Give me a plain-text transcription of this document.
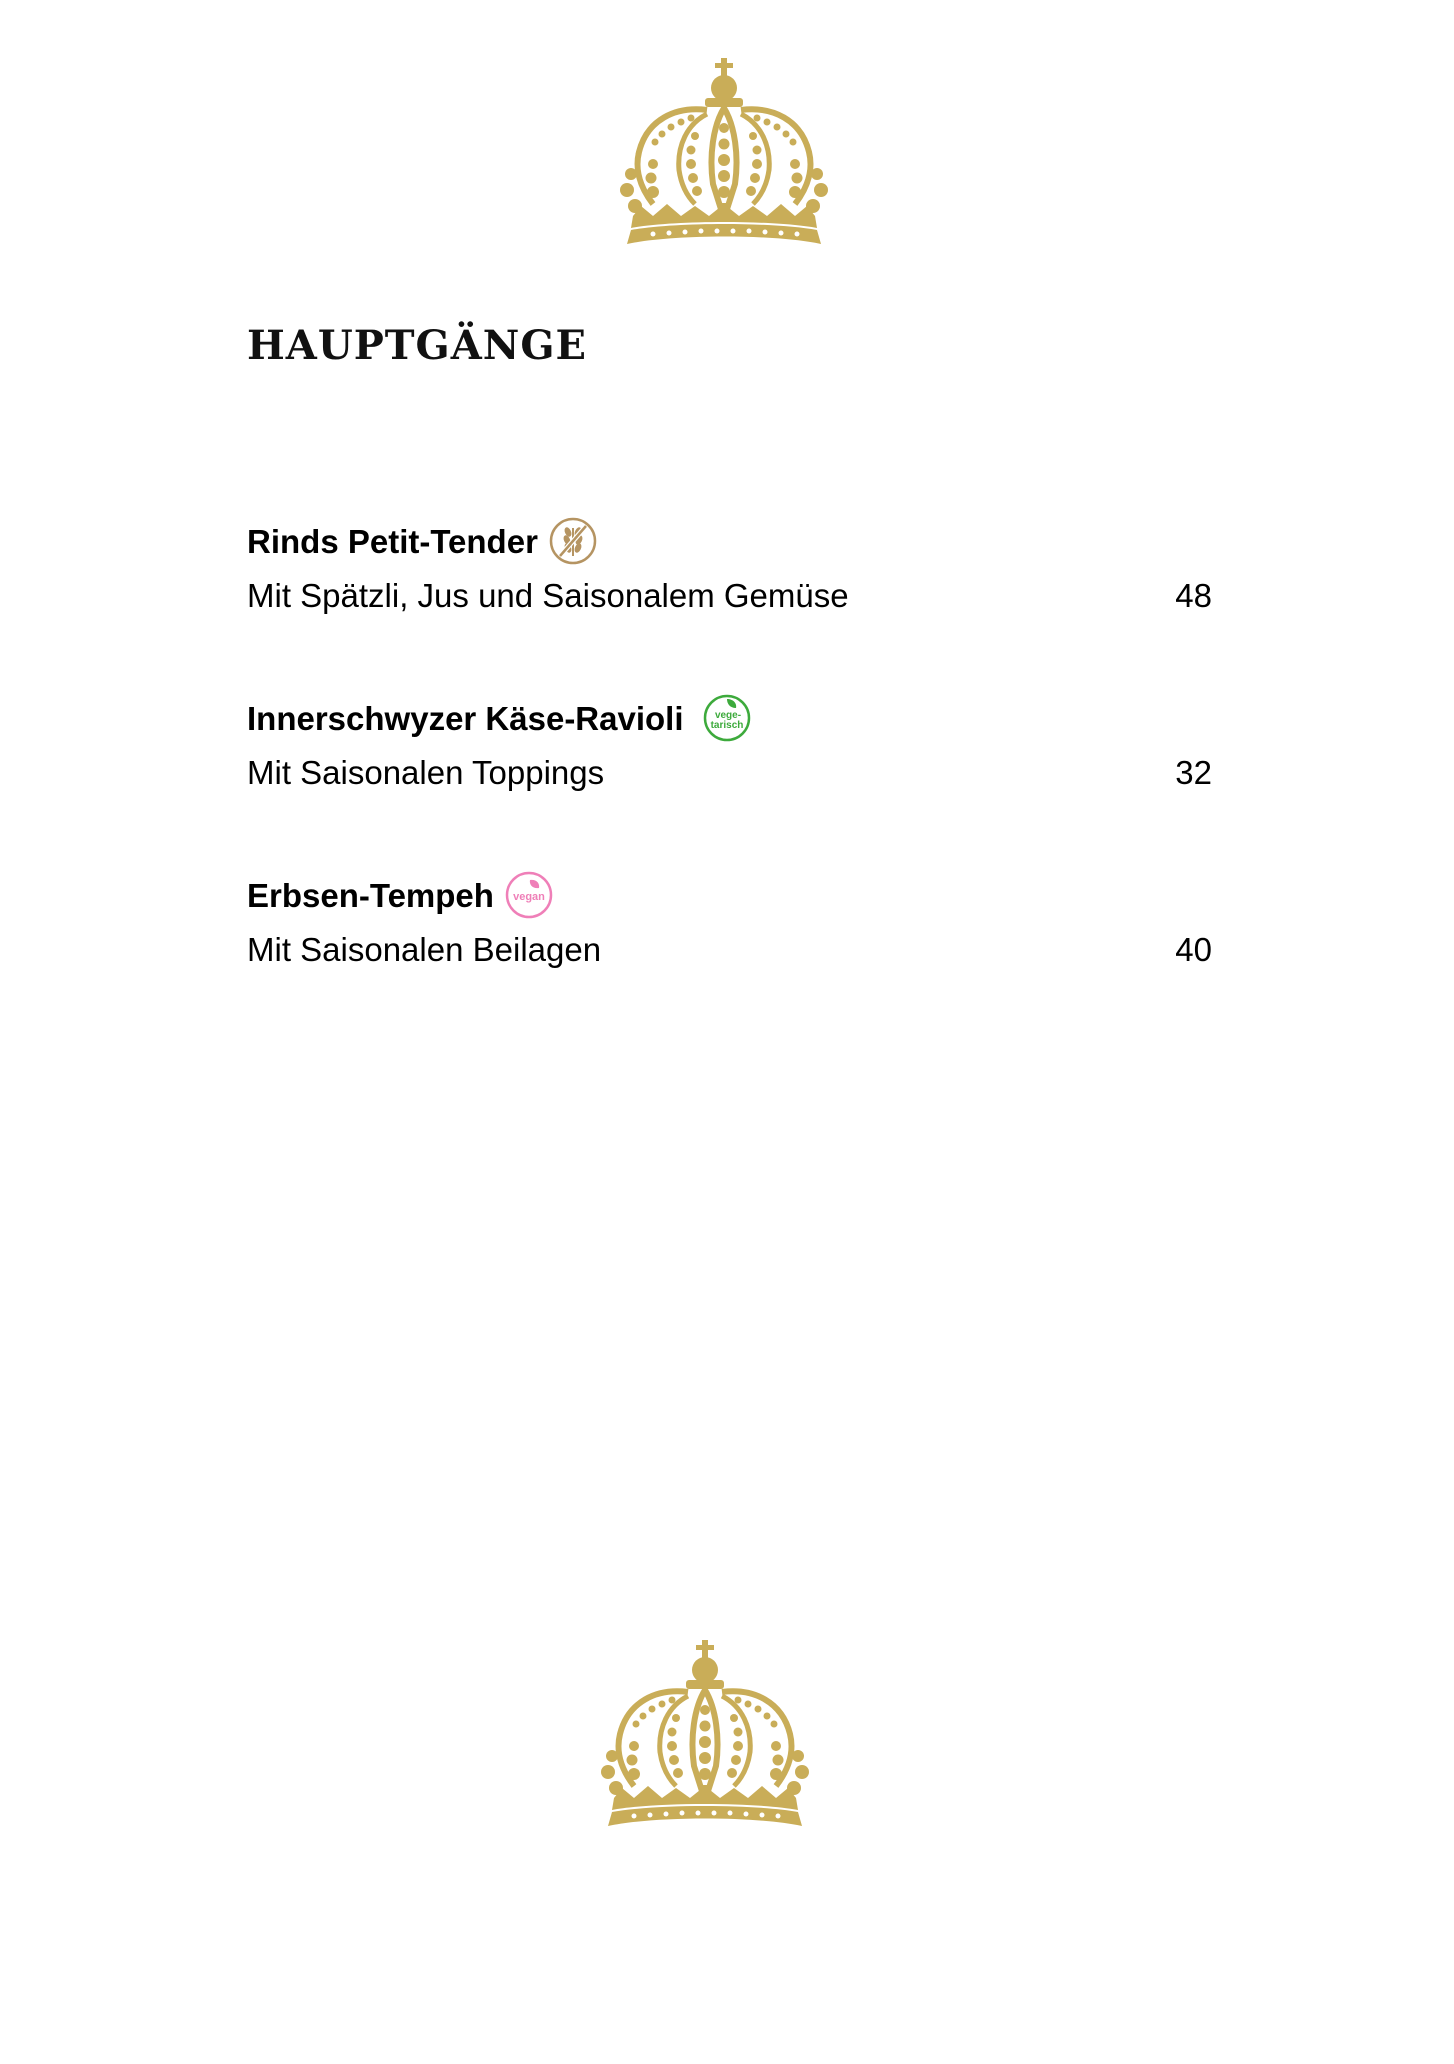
HAUPTGÄNGE
Rinds Petit-Tender
Mit Spätzli, Jus und Saisonalem Gemüse	48
Innerschwyzer Käse-Ravioli	vege-
tarisch
Mit Saisonalen Toppings	32
Erbsen-Tempeh vegan
Mit Saisonalen Beilagen	40
